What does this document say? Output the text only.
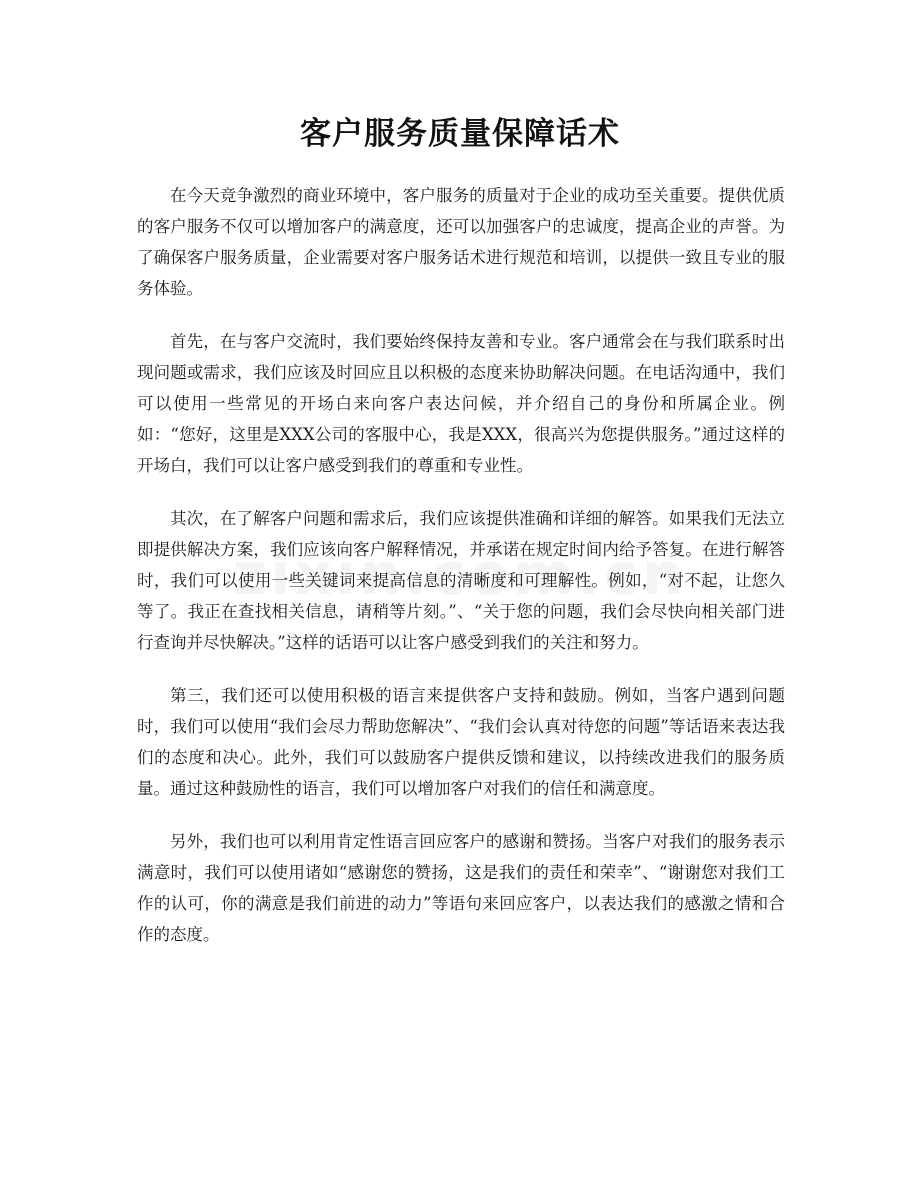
客户服务质量保障话术

在今天竞争激烈的商业环境中，客户服务的质量对于企业的成功至关重要。提供优质的客户服务不仅可以增加客户的满意度，还可以加强客户的忠诚度，提高企业的声誉。为了确保客户服务质量，企业需要对客户服务话术进行规范和培训，以提供一致且专业的服务体验。

首先，在与客户交流时，我们要始终保持友善和专业。客户通常会在与我们联系时出现问题或需求，我们应该及时回应且以积极的态度来协助解决问题。在电话沟通中，我们可以使用一些常见的开场白来向客户表达问候，并介绍自己的身份和所属企业。例如：“您好，这里是XXX公司的客服中心，我是XXX，很高兴为您提供服务。”通过这样的开场白，我们可以让客户感受到我们的尊重和专业性。

其次，在了解客户问题和需求后，我们应该提供准确和详细的解答。如果我们无法立即提供解决方案，我们应该向客户解释情况，并承诺在规定时间内给予答复。在进行解答时，我们可以使用一些关键词来提高信息的清晰度和可理解性。例如，“对不起，让您久等了。我正在查找相关信息，请稍等片刻。”、“关于您的问题，我们会尽快向相关部门进行查询并尽快解决。”这样的话语可以让客户感受到我们的关注和努力。

第三，我们还可以使用积极的语言来提供客户支持和鼓励。例如，当客户遇到问题时，我们可以使用“我们会尽力帮助您解决”、“我们会认真对待您的问题”等话语来表达我们的态度和决心。此外，我们可以鼓励客户提供反馈和建议，以持续改进我们的服务质量。通过这种鼓励性的语言，我们可以增加客户对我们的信任和满意度。

另外，我们也可以利用肯定性语言回应客户的感谢和赞扬。当客户对我们的服务表示满意时，我们可以使用诸如“感谢您的赞扬，这是我们的责任和荣幸”、“谢谢您对我们工作的认可，你的满意是我们前进的动力”等语句来回应客户，以表达我们的感激之情和合作的态度。
